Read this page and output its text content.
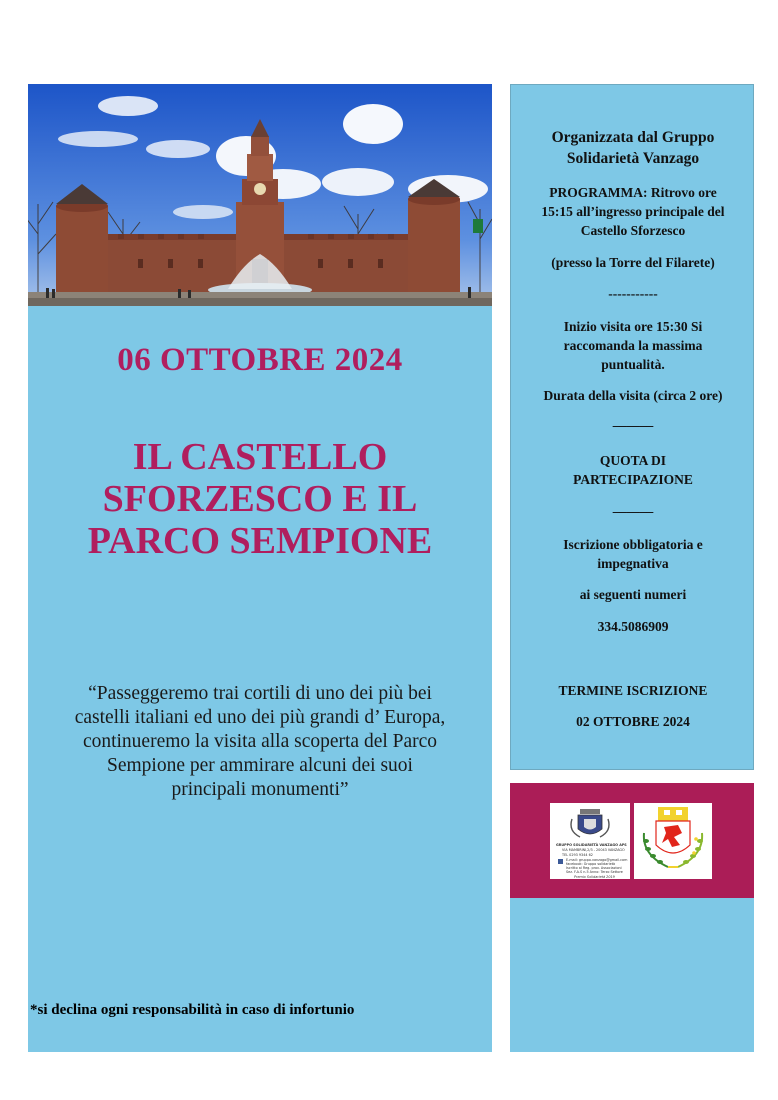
06 OTTOBRE 2024
IL CASTELLO
SFORZESCO E IL
PARCO SEMPIONE
“Passeggeremo trai cortili di uno dei più bei
castelli italiani ed uno dei più grandi d’ Europa,
continueremo la visita alla scoperta del Parco
Sempione per ammirare alcuni dei suoi
principali monumenti”
*si declina ogni responsabilità in caso di infortunio
Organizzata dal Gruppo
Solidarietà Vanzago
PROGRAMMA: Ritrovo ore
15:15 all’ingresso principale del
Castello Sforzesco
(presso la Torre del Filarete)
-----------
Inizio visita ore 15:30 Si
raccomanda la massima
puntualità.
Durata della visita (circa 2 ore)
______
QUOTA DI
PARTECIPAZIONE
______
Iscrizione obbligatoria e
impegnativa
ai seguenti numeri
334.5086909
TERMINE ISCRIZIONE
02 OTTOBRE 2024
GRUPPO SOLIDARIETÀ VANZAGO APS
VIA MAMBRINI,2/3 - 20043 VANZAGO
TEL 0293 9344 62
E-mail: gruppo.vanzago@gmail.com
facebook: Gruppo solidarietà
Iscritto al Reg. prov. Associazioni
Sez. F.A.S n.5 Anno: Terzo Settore
Premio Solidarietà 2019
